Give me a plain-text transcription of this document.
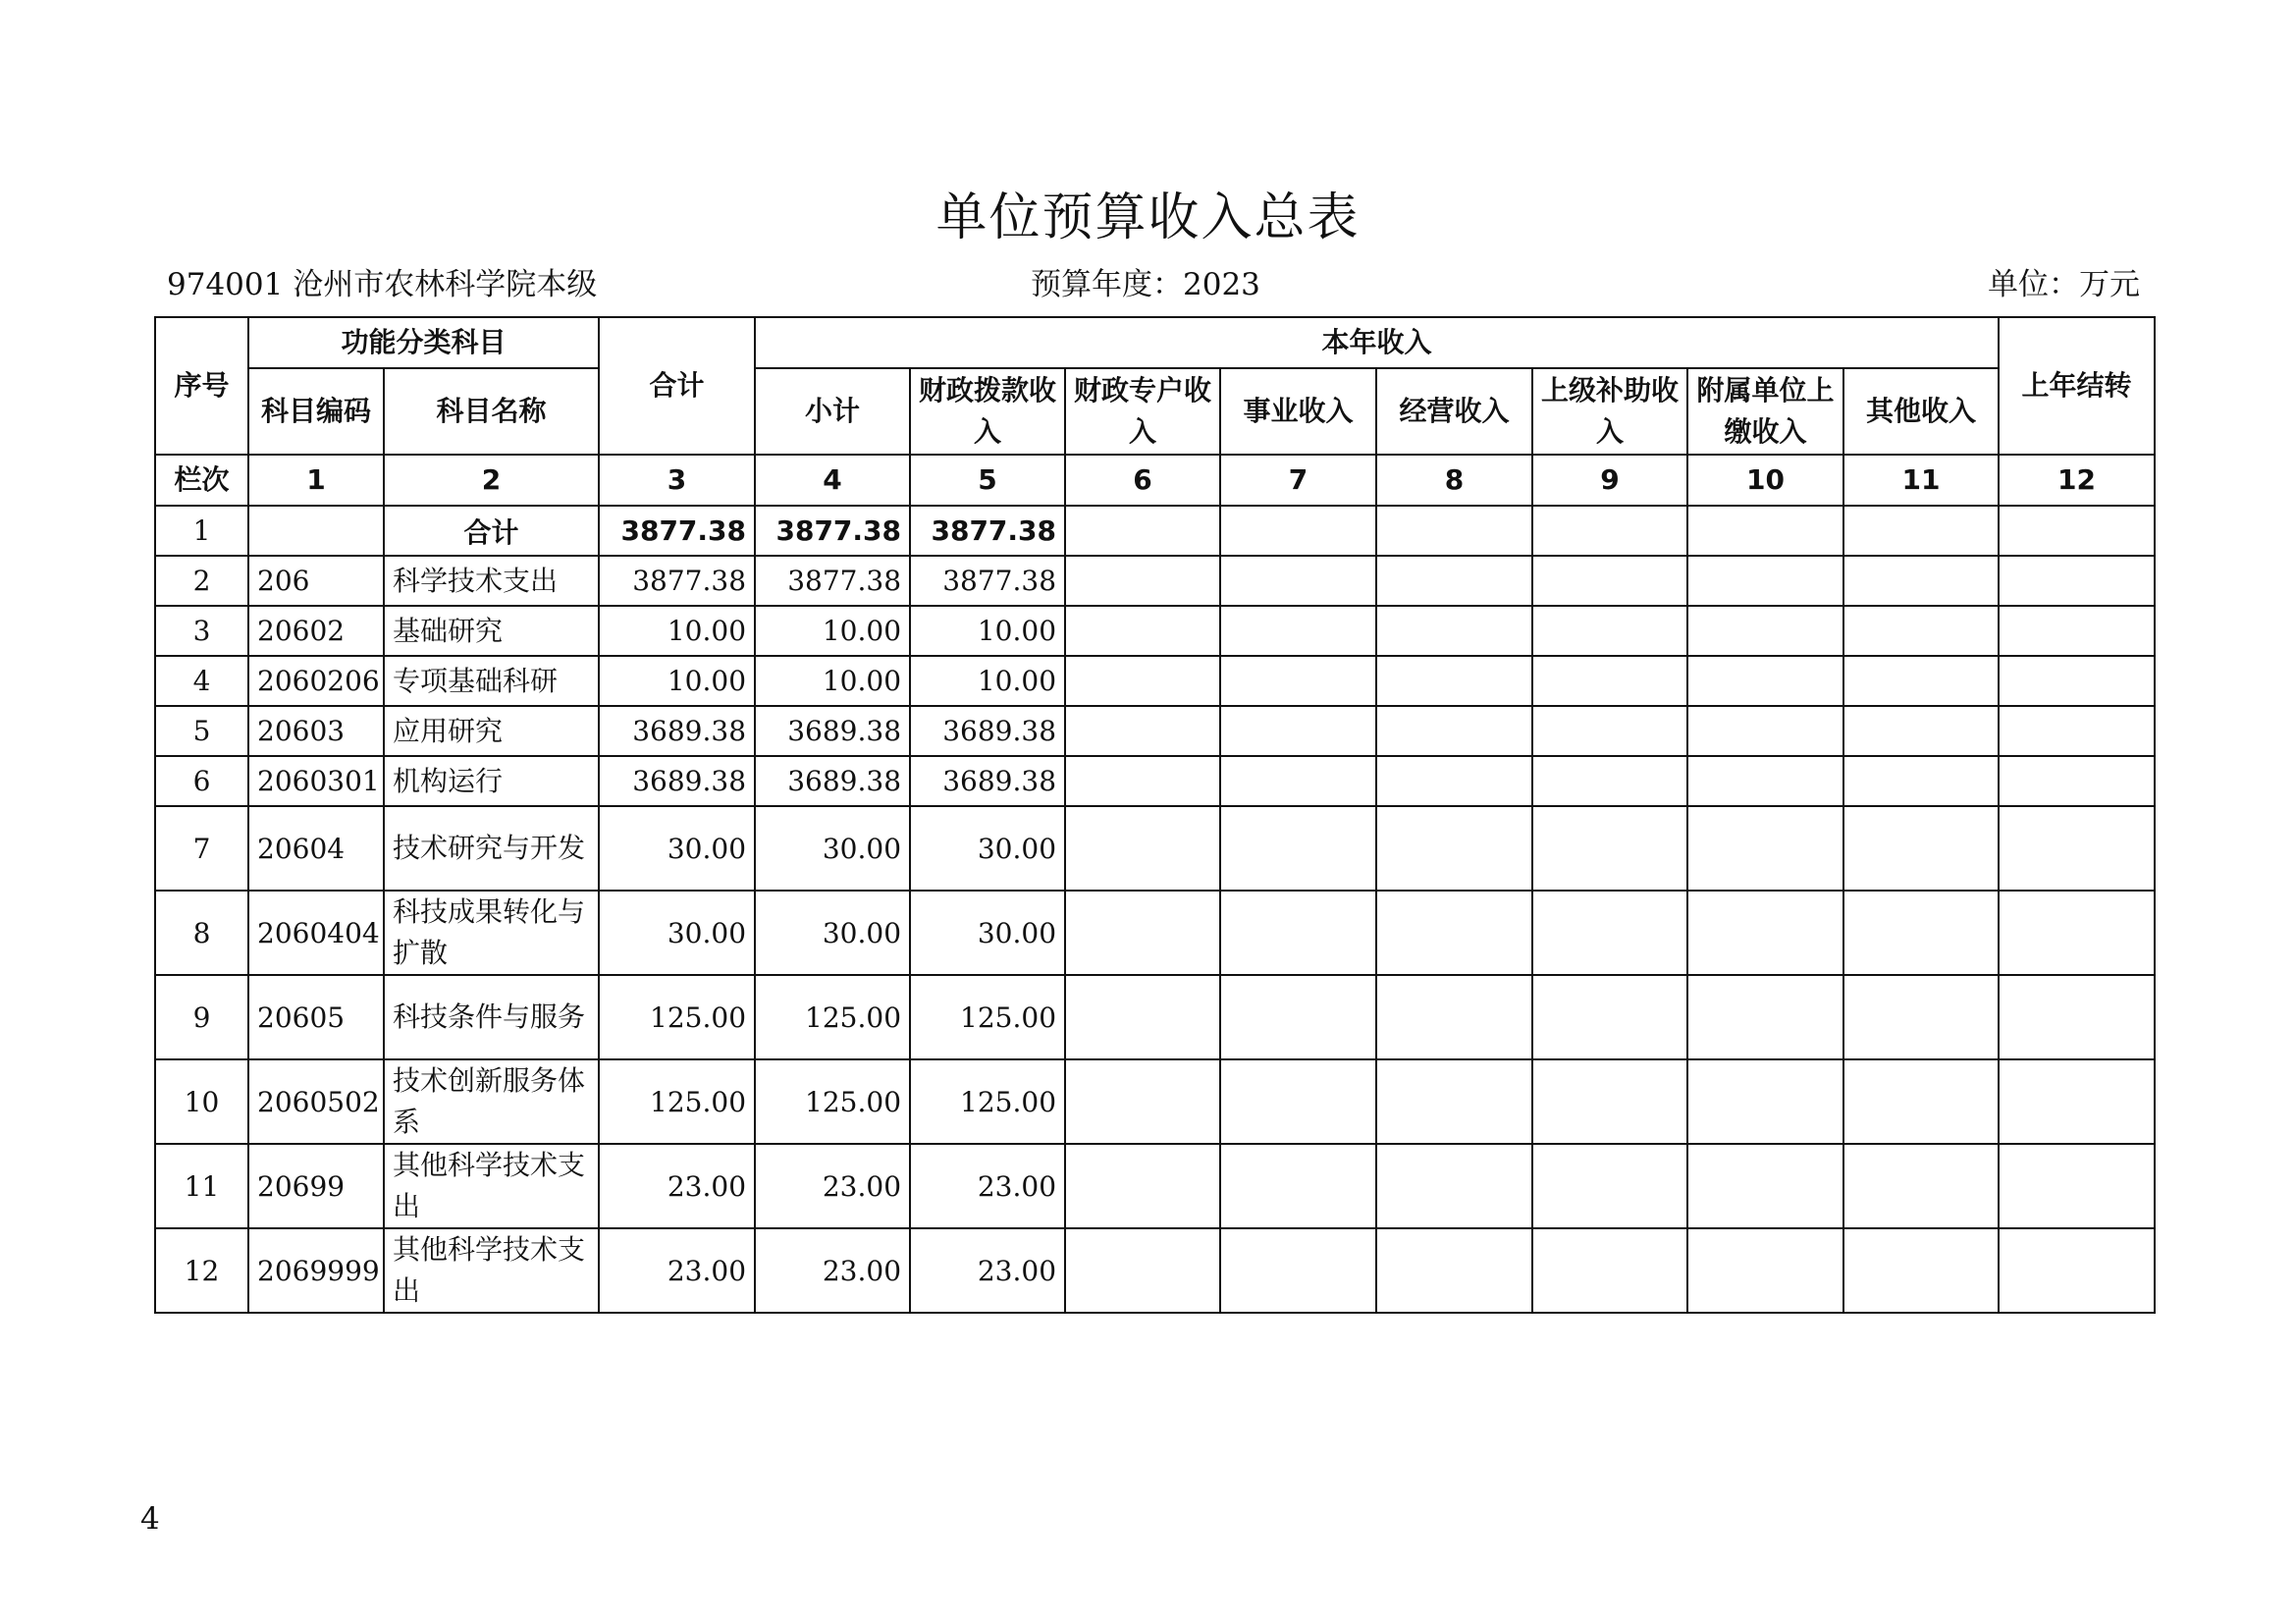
单位预算收入总表
974001 沧州市农林科学院本级	预算年度：2023	单位：万元
序号	功能分类科目		合计	本年收入								上年结转
	科目编码	科目名称		小计	财政拨款收入	财政专户收入	事业收入	经营收入	上级补助收入	附属单位上缴收入	其他收入	
栏次	1	2	3	4	5	6	7	8	9	10	11	12
1		合计	3877.38	3877.38	3877.38							
2	206	科学技术支出	3877.38	3877.38	3877.38							
3	20602	基础研究	10.00	10.00	10.00							
4	2060206	专项基础科研	10.00	10.00	10.00							
5	20603	应用研究	3689.38	3689.38	3689.38							
6	2060301	机构运行	3689.38	3689.38	3689.38							
7	20604	技术研究与开发	30.00	30.00	30.00							
8	2060404	科技成果转化与扩散	30.00	30.00	30.00							
9	20605	科技条件与服务	125.00	125.00	125.00							
10	2060502	技术创新服务体系	125.00	125.00	125.00							
11	20699	其他科学技术支出	23.00	23.00	23.00							
12	2069999	其他科学技术支出	23.00	23.00	23.00							
4
